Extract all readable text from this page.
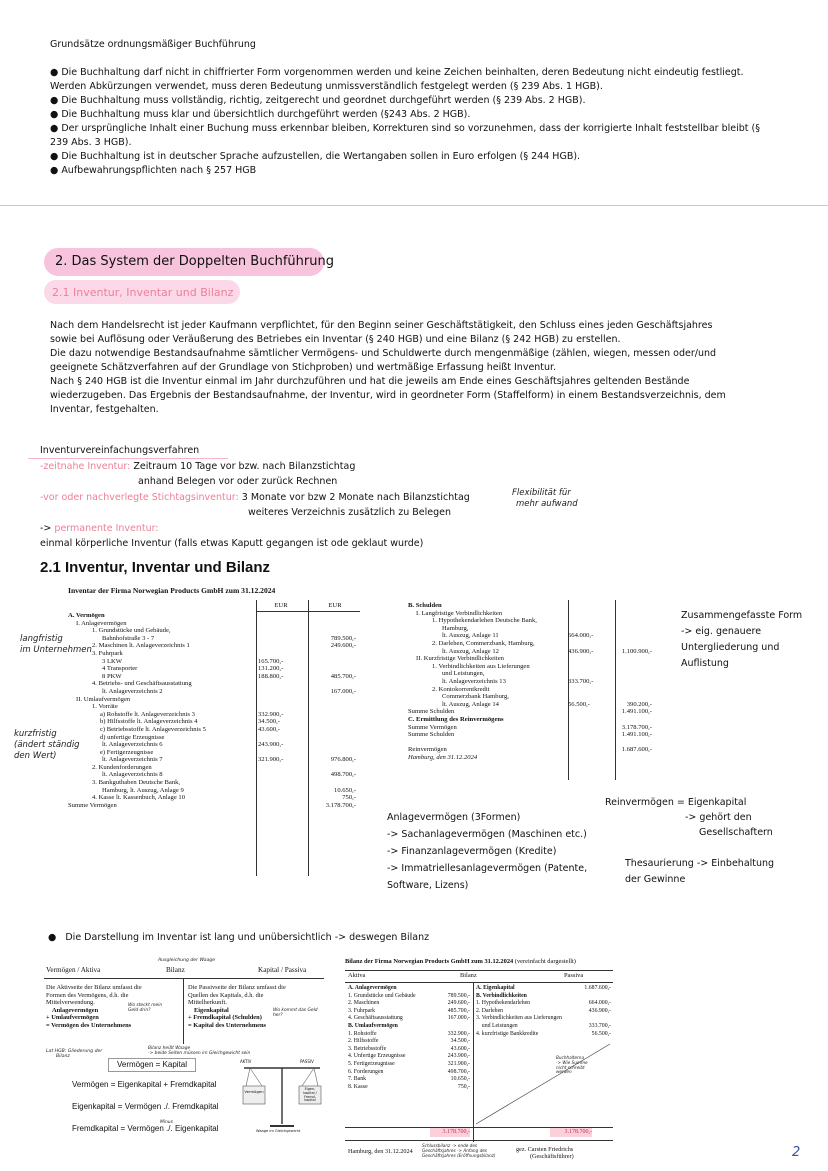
Grundsätze ordnungsmäßiger Buchführung
● Die Buchhaltung darf nicht in chiffrierter Form vorgenommen werden und keine Zeichen beinhalten, deren Bedeutung nicht eindeutig festliegt.
Werden Abkürzungen verwendet, muss deren Bedeutung unmissverständlich festgelegt werden (§ 239 Abs. 1 HGB).
● Die Buchhaltung muss vollständig, richtig, zeitgerecht und geordnet durchgeführt werden (§ 239 Abs. 2 HGB).
● Die Buchhaltung muss klar und übersichtlich durchgeführt werden (§243 Abs. 2 HGB).
● Der ursprüngliche Inhalt einer Buchung muss erkennbar bleiben, Korrekturen sind so vorzunehmen, dass der korrigierte Inhalt feststellbar bleibt (§
239 Abs. 3 HGB).
● Die Buchhaltung ist in deutscher Sprache aufzustellen, die Wertangaben sollen in Euro erfolgen (§ 244 HGB).
● Aufbewahrungspflichten nach § 257 HGB
2. Das System der Doppelten Buchführung
2.1 Inventur, Inventar und Bilanz
Nach dem Handelsrecht ist jeder Kaufmann verpflichtet, für den Beginn seiner Geschäftstätigkeit, den Schluss eines jeden Geschäftsjahres
sowie bei Auflösung oder Veräußerung des Betriebes ein Inventar (§ 240 HGB) und eine Bilanz (§ 242 HGB) zu erstellen.
Die dazu notwendige Bestandsaufnahme sämtlicher Vermögens- und Schuldwerte durch mengenmäßige (zählen, wiegen, messen oder/und
geeignete Schätzverfahren auf der Grundlage von Stichproben) und wertmäßige Erfassung heißt Inventur.
Nach § 240 HGB ist die Inventur einmal im Jahr durchzuführen und hat die jeweils am Ende eines Geschäftsjahres geltenden Bestände
wiederzugeben. Das Ergebnis der Bestandsaufnahme, der Inventur, wird in geordneter Form (Staffelform) in einem Bestandsverzeichnis, dem
Inventar, festgehalten.
Inventurvereinfachungsverfahren
-zeitnahe Inventur: Zeitraum 10 Tage vor bzw. nach Bilanzstichtag
anhand Belegen vor oder zurück Rechnen
-vor oder nachverlegte Stichtagsinventur: 3 Monate vor bzw 2 Monate nach Bilanzstichtag
weiteres Verzeichnis zusätzlich zu Belegen
-> permanente Inventur:
einmal körperliche Inventur (falls etwas Kaputt gegangen ist ode geklaut wurde)
Flexibilität für
mehr aufwand
2.1 Inventur, Inventar und Bilanz
Inventar der Firma Norwegian Products GmbH zum 31.12.2024
EUR	EUR
A. Vermögen
I. Anlagevermögen
1. Grundstücke und Gebäude,
Bahnhofstraße 3 - 7	789.500,-
2. Maschinen lt. Anlageverzeichnis 1	249.600,-
3. Fuhrpark
3 LKW	165.700,-
4 Transporter	131.200,-
8 PKW	188.800,-	485.700,-
4. Betriebs- und Geschäftsausstattung
lt. Anlageverzeichnis 2	167.000,-
II. Umlaufvermögen
1. Vorräte
a) Rohstoffe lt. Anlageverzeichnis 3	332.900,-
b) Hilfsstoffe lt. Anlageverzeichnis 4	34.500,-
c) Betriebsstoffe lt. Anlageverzeichnis 5	43.600,-
d) unfertige Erzeugnisse
lt. Anlageverzeichnis 6	243.900,-
e) Fertigerzeugnisse
lt. Anlageverzeichnis 7	321.900,-	976.800,-
2. Kundenforderungen
lt. Anlageverzeichnis 8	498.700,-
3. Bankguthaben Deutsche Bank,
Hamburg, lt. Auszug, Anlage 9	10.650,-
4. Kasse lt. Kassenbuch, Anlage 10	750,-
Summe Vermögen	3.178.700,-
B. Schulden
I. Langfristige Verbindlichkeiten
1. Hypothekendarlehen Deutsche Bank,
Hamburg,
lt. Auszug, Anlage 11	664.000,-
2. Darlehen, Commerzbank, Hamburg,
lt. Auszug, Anlage 12	436.900,-	1.100.900,-
II. Kurzfristige Verbindlichkeiten
1. Verbindlichkeiten aus Lieferungen
und Leistungen,
lt. Anlageverzeichnis 13	333.700,-
2. Kontokorrentkredit
Commerzbank Hamburg,
lt. Auszug, Anlage 14	56.500,-	390.200,-
Summe Schulden	1.491.100,-
C. Ermittlung des Reinvermögens
Summe Vermögen	3.178.700,-
Summe Schulden	1.491.100,-
Reinvermögen	1.687.600,-
Hamburg, den 31.12.2024
langfristig
im Unternehmen
kurzfristig
(ändert ständig
den Wert)
Zusammengefasste Form
-> eig. genauere
Untergliederung und
Auflistung
Anlagevermögen (3Formen)
-> Sachanlagevermögen (Maschinen etc.)
-> Finanzanlagevermögen (Kredite)
-> Immatriellesanlagevermögen (Patente,
Software, Lizens)
Reinvermögen = Eigenkapital
-> gehört den
Gesellschaftern
Thesaurierung -> Einbehaltung
der Gewinne
●   Die Darstellung im Inventar ist lang und unübersichtlich -> deswegen Bilanz
Vermögen / Aktiva	Bilanz
Ausgleichung der Waage
Kapital / Passiva
Die Aktivseite der Bilanz umfasst die
Formen des Vermögens, d.h. die
Mittelverwendung.
Anlagevermögen
+ Umlaufvermögen
= Vermögen des Unternehmens
Die Passivseite der Bilanz umfasst die
Quellen des Kapitals, d.h. die
Mittelherkunft.
Eigenkapital
+ Fremdkapital (Schulden)
= Kapital des Unternehmens
Wo steckt mein Geld drin?	Wo kommt das Geld her?
Lat HGB: Gliederung der
Bilanz
Bilanz heißt Waage
-> beide Seiten müssen im Gleichgewicht sein
Vermögen = Kapital
Vermögen = Eigenkapital + Fremdkapital
Eigenkapital = Vermögen ./. Fremdkapital
Fremdkapital = Vermögen ./. Eigenkapital
Minus
AKTIV	PASSIV
Vermögen	Eigen- kapital / Fremd- kapital
Waage im Gleichgewicht
Bilanz der Firma Norwegian Products GmbH zum 31.12.2024 (vereinfacht dargestellt)
Aktiva	Bilanz	Passiva
A. Anlagevermögen
1. Grundstücke und Gebäude	789.500,-
2. Maschinen	249.600,-
3. Fuhrpark	485.700,-
4. Geschäftsausstattung	167.000,-
B. Umlaufvermögen
1. Rohstoffe	332.900,-
2. Hilfsstoffe	34.500,-
3. Betriebsstoffe	43.600,-
4. Unfertige Erzeugnisse	243.900,-
5. Fertigerzeugnisse	321.900,-
6. Forderungen	498.700,-
7. Bank	10.650,-
8. Kasse	750,-
A. Eigenkapital	1.687.600,-
B. Verbindlichkeiten
1. Hypothekendarlehen	664.000,-
2. Darlehen	436.900,-
3. Verbindlichkeiten aus Lieferungen
und Leistungen	333.700,-
4. kurzfristige Bankkredite	56.500,-
Buchhalterna
-> Wie Summe
nicht schreibt
werden
3.178.700,-	3.178.700,-
Hamburg, den 31.12.2024
Schlussbilanz -> ende des
Geschäftsjahres -> Anfang des
Geschäftsjahres (Eröffnungsbilanz)
gez. Carsten Friedrichs
(Geschäftsführer)	2
